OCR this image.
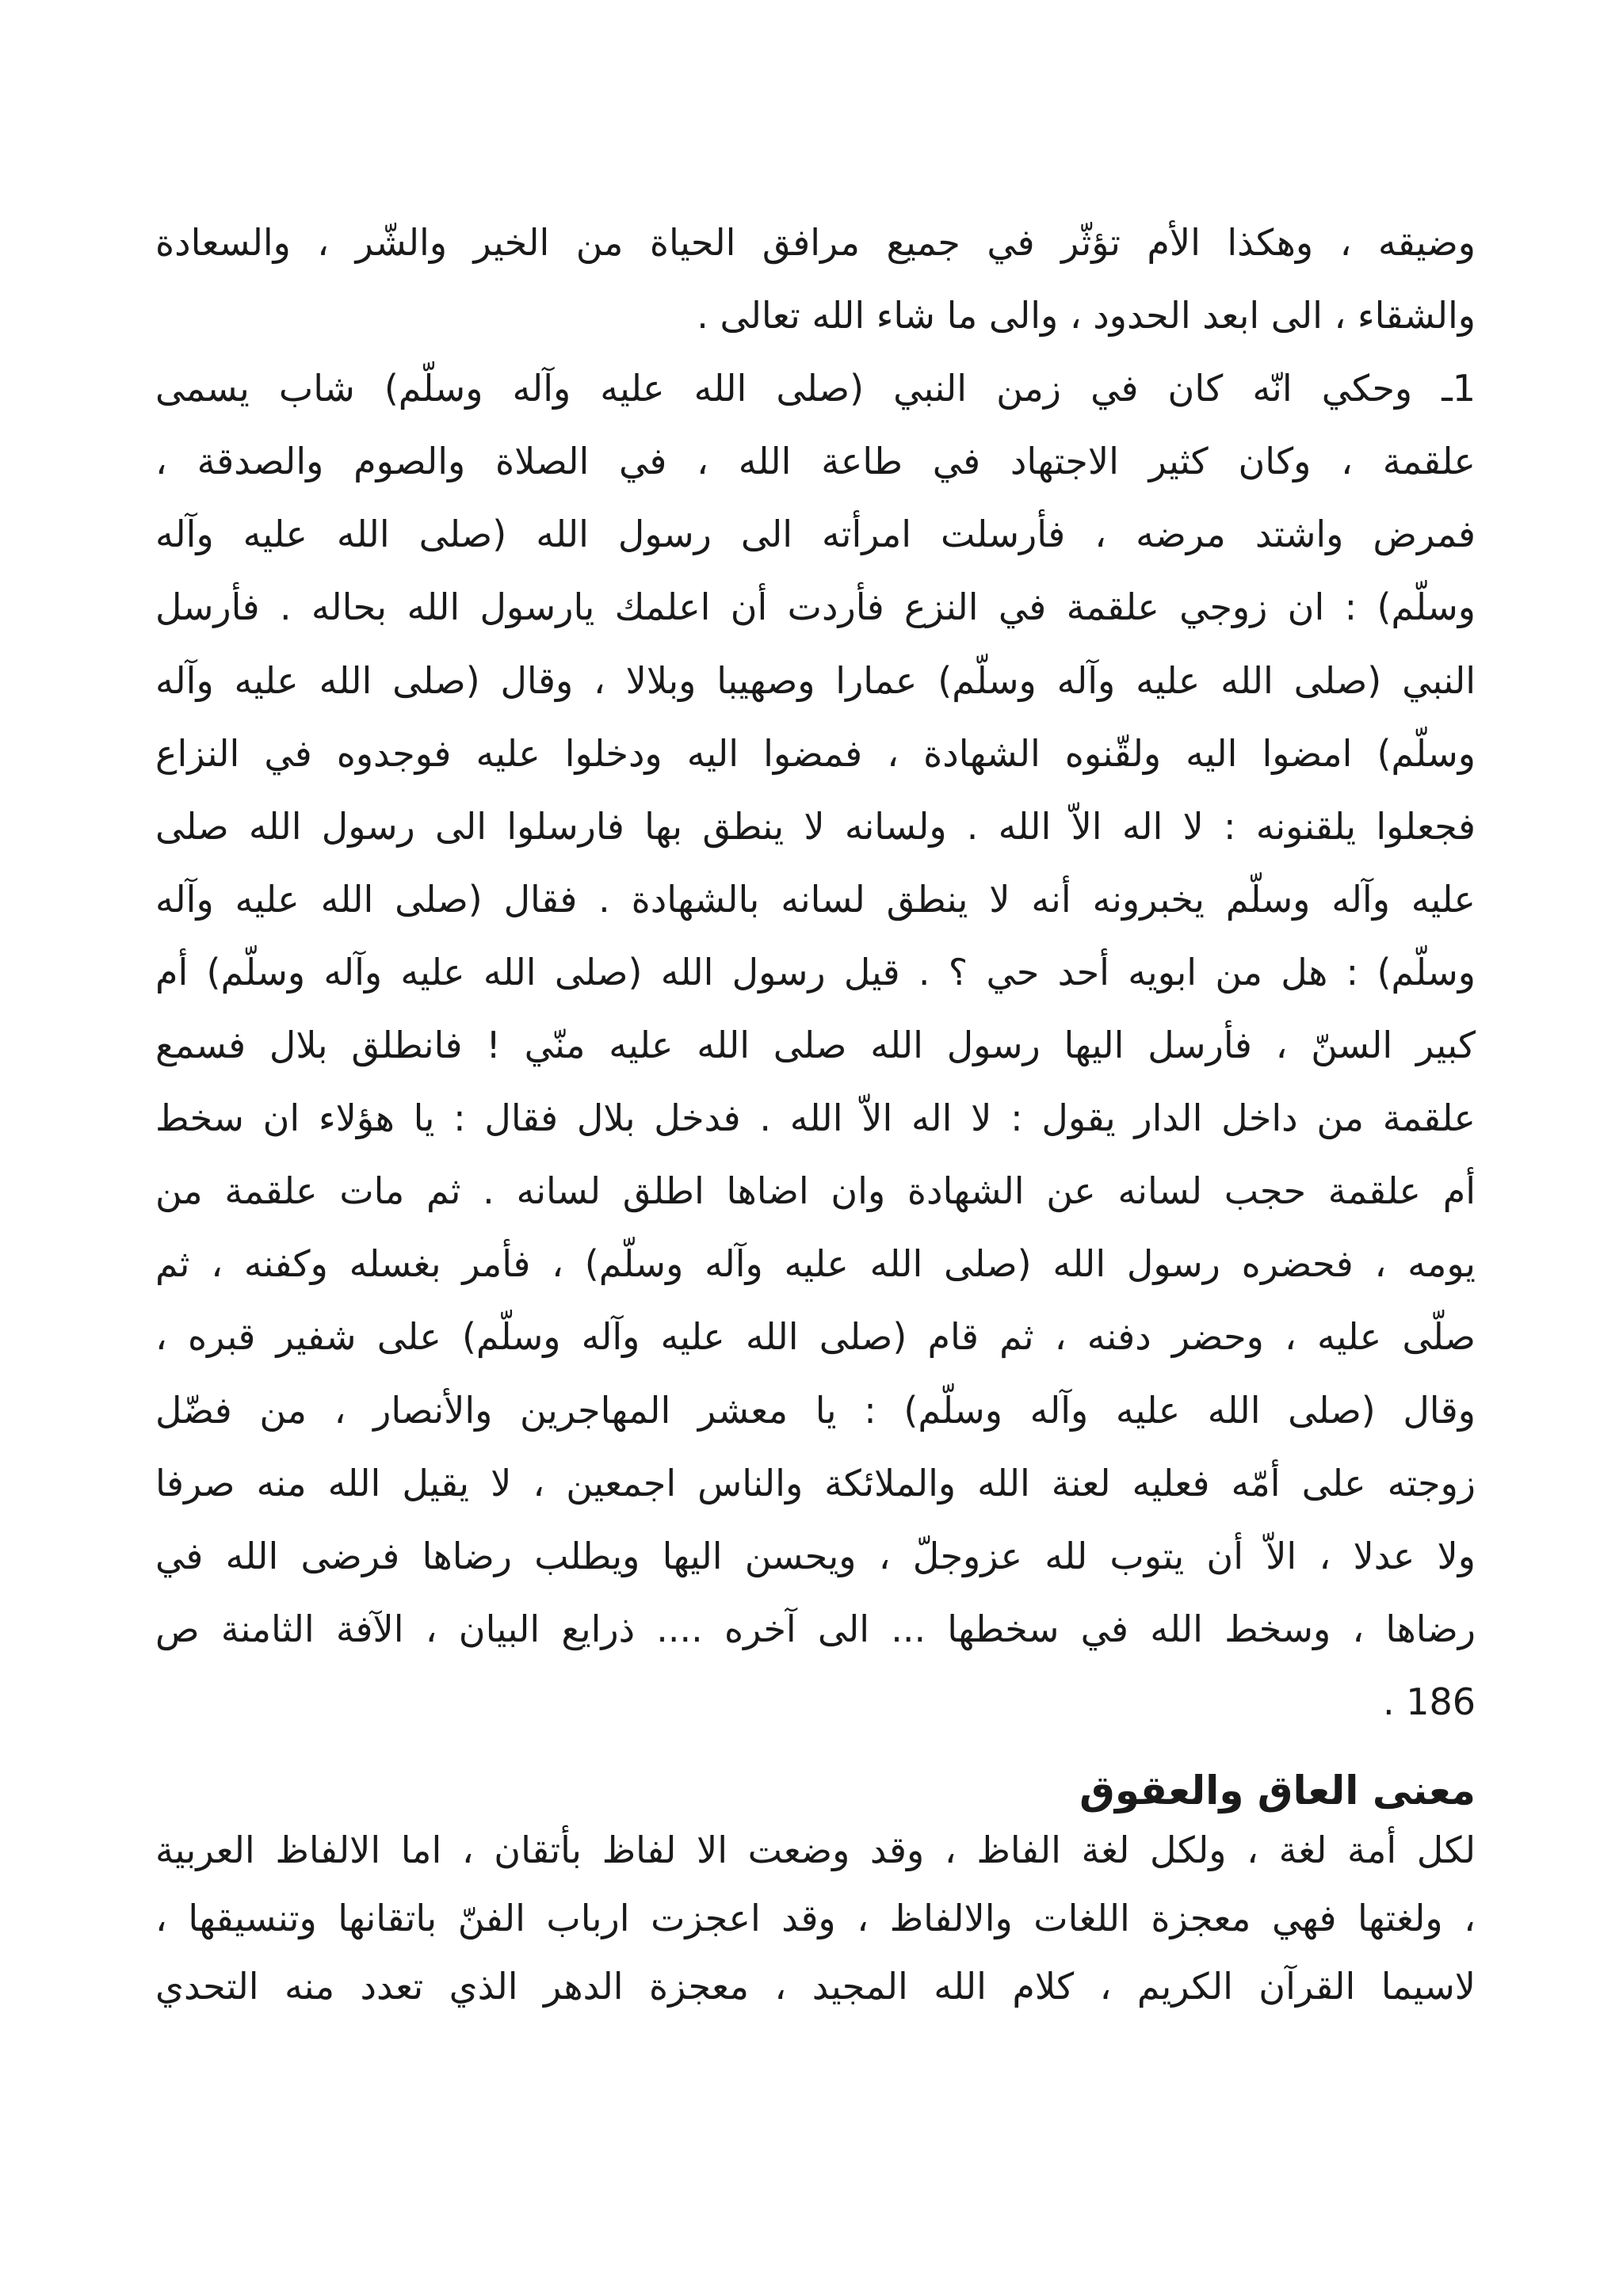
وضيقه ، وهكذا الأم تؤثّر في جميع مرافق الحياة من الخير والشّر ، والسعادة
والشقاء ، الى ابعد الحدود ، والى ما شاء الله تعالى .
1ـ وحكي انّه كان في زمن النبي (صلى الله عليه وآله وسلّم) شاب يسمى
علقمة ، وكان كثير الاجتهاد في طاعة الله ، في الصلاة والصوم والصدقة ،
فمرض واشتد مرضه ، فأرسلت امرأته الى رسول الله (صلى الله عليه وآله
وسلّم) : ان زوجي علقمة في النزع فأردت أن اعلمك يارسول الله بحاله . فأرسل
النبي (صلى الله عليه وآله وسلّم) عمارا وصهيبا وبلالا ، وقال (صلى الله عليه وآله
وسلّم) امضوا اليه ولقّنوه الشهادة ، فمضوا اليه ودخلوا عليه فوجدوه في النزاع
فجعلوا يلقنونه : لا اله الاّ الله . ولسانه لا ينطق بها فارسلوا الى رسول الله صلى
عليه وآله وسلّم يخبرونه أنه لا ينطق لسانه بالشهادة . فقال (صلى الله عليه وآله
وسلّم) : هل من ابويه أحد حي ؟ . قيل رسول الله (صلى الله عليه وآله وسلّم) أم
كبير السنّ ، فأرسل اليها رسول الله صلى الله عليه منّي ! فانطلق بلال فسمع
علقمة من داخل الدار يقول : لا اله الاّ الله . فدخل بلال فقال : يا هؤلاء ان سخط
أم علقمة حجب لسانه عن الشهادة وان اضاها اطلق لسانه . ثم مات علقمة من
يومه ، فحضره رسول الله (صلى الله عليه وآله وسلّم) ، فأمر بغسله وكفنه ، ثم
صلّى عليه ، وحضر دفنه ، ثم قام (صلى الله عليه وآله وسلّم) على شفير قبره ،
وقال (صلى الله عليه وآله وسلّم) : يا معشر المهاجرين والأنصار ، من فضّل
زوجته على أمّه فعليه لعنة الله والملائكة والناس اجمعين ، لا يقيل الله منه صرفا
ولا عدلا ، الاّ أن يتوب لله عزوجلّ ، ويحسن اليها ويطلب رضاها فرضى الله في
رضاها ، وسخط الله في سخطها ... الى آخره .... ذرايع البيان ، الآفة الثامنة ص
186 .
معنى العاق والعقوق
لكل أمة لغة ، ولكل لغة الفاظ ، وقد وضعت الا لفاظ بأتقان ، اما الالفاظ العربية
، ولغتها فهي معجزة اللغات والالفاظ ، وقد اعجزت ارباب الفنّ باتقانها وتنسيقها ،
لاسيما القرآن الكريم ، كلام الله المجيد ، معجزة الدهر الذي تعدد منه التحدي
